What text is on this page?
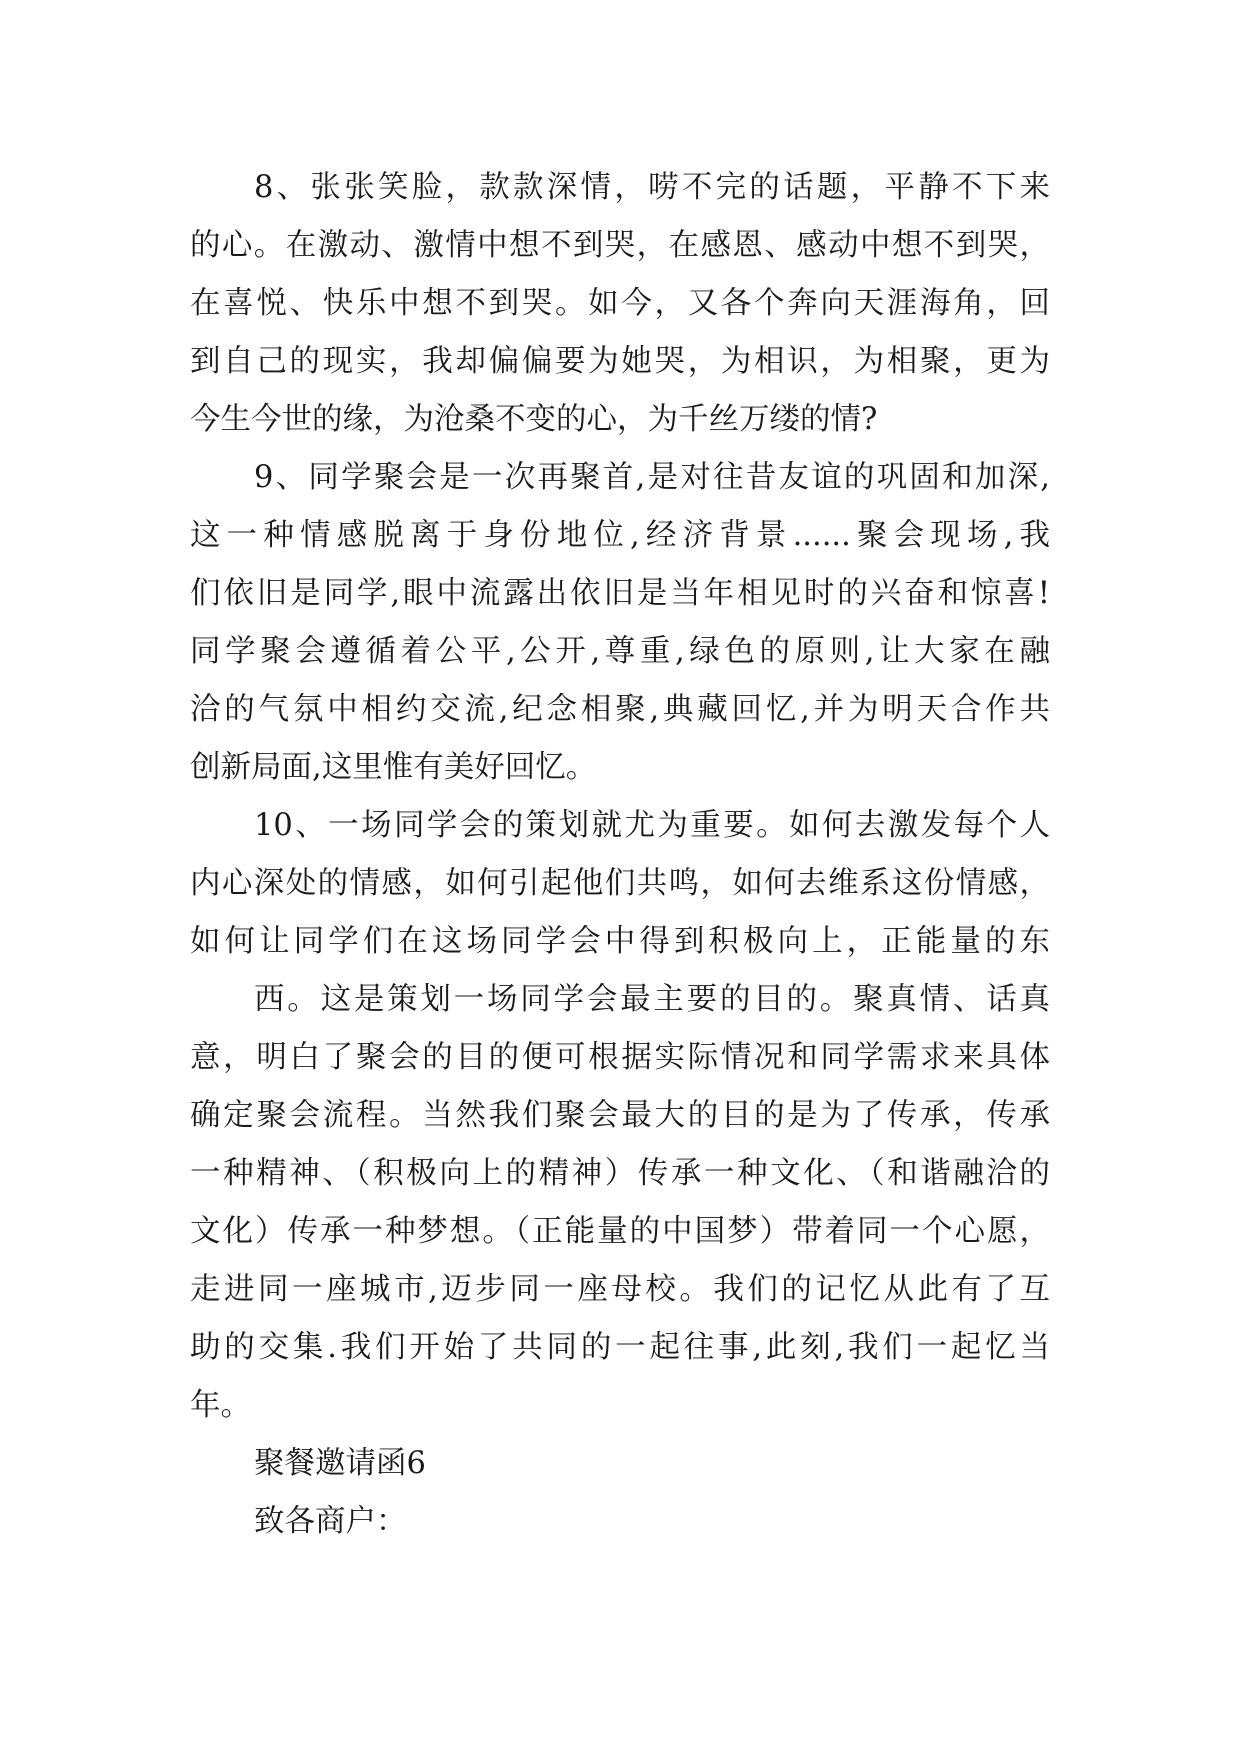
8、张张笑脸，款款深情，唠不完的话题，平静不下来
的心。在激动、激情中想不到哭，在感恩、感动中想不到哭，
在喜悦、快乐中想不到哭。如今，又各个奔向天涯海角，回
到自己的现实，我却偏偏要为她哭，为相识，为相聚，更为
今生今世的缘，为沧桑不变的心，为千丝万缕的情?
9、同学聚会是一次再聚首,是对往昔友谊的巩固和加深,
这一种情感脱离于身份地位,经济背景......聚会现场,我
们依旧是同学,眼中流露出依旧是当年相见时的兴奋和惊喜!
同学聚会遵循着公平,公开,尊重,绿色的原则,让大家在融
洽的气氛中相约交流,纪念相聚,典藏回忆,并为明天合作共
创新局面,这里惟有美好回忆。
10、一场同学会的策划就尤为重要。如何去激发每个人
内心深处的情感，如何引起他们共鸣，如何去维系这份情感，
如何让同学们在这场同学会中得到积极向上，正能量的东
西。这是策划一场同学会最主要的目的。聚真情、话真
意，明白了聚会的目的便可根据实际情况和同学需求来具体
确定聚会流程。当然我们聚会最大的目的是为了传承，传承
一种精神、（积极向上的精神）传承一种文化、（和谐融洽的
文化）传承一种梦想。（正能量的中国梦）带着同一个心愿，
走进同一座城市,迈步同一座母校。我们的记忆从此有了互
助的交集.我们开始了共同的一起往事,此刻,我们一起忆当
年。
聚餐邀请函6
致各商户：
